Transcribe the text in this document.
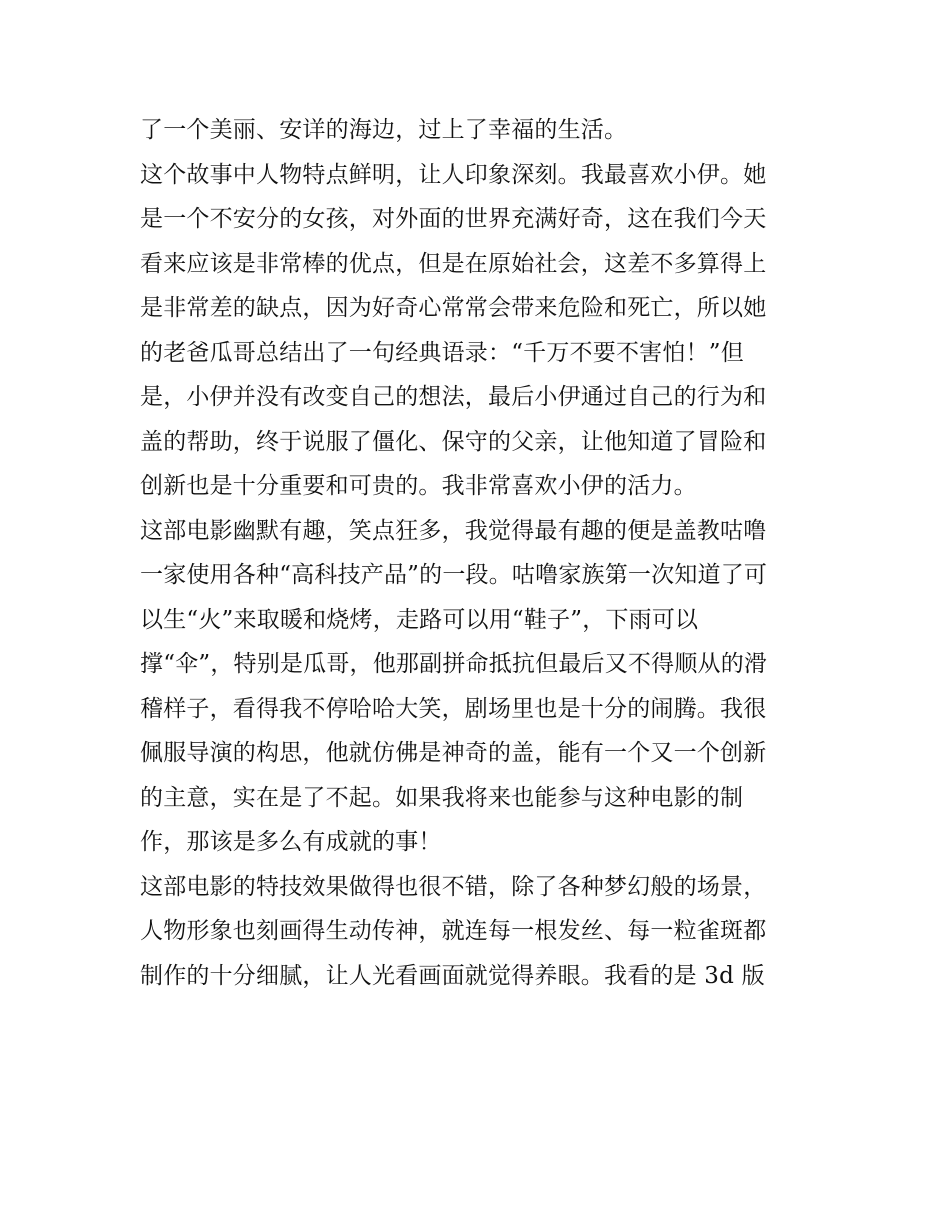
了一个美丽、安详的海边，过上了幸福的生活。
这个故事中人物特点鲜明，让人印象深刻。我最喜欢小伊。她
是一个不安分的女孩，对外面的世界充满好奇，这在我们今天
看来应该是非常棒的优点，但是在原始社会，这差不多算得上
是非常差的缺点，因为好奇心常常会带来危险和死亡，所以她
的老爸瓜哥总结出了一句经典语录：“千万不要不害怕！”但
是，小伊并没有改变自己的想法，最后小伊通过自己的行为和
盖的帮助，终于说服了僵化、保守的父亲，让他知道了冒险和
创新也是十分重要和可贵的。我非常喜欢小伊的活力。
这部电影幽默有趣，笑点狂多，我觉得最有趣的便是盖教咕噜
一家使用各种“高科技产品”的一段。咕噜家族第一次知道了可
以生“火”来取暖和烧烤，走路可以用“鞋子”，下雨可以
撑“伞”，特别是瓜哥，他那副拼命抵抗但最后又不得顺从的滑
稽样子，看得我不停哈哈大笑，剧场里也是十分的闹腾。我很
佩服导演的构思，他就仿佛是神奇的盖，能有一个又一个创新
的主意，实在是了不起。如果我将来也能参与这种电影的制
作，那该是多么有成就的事！
这部电影的特技效果做得也很不错，除了各种梦幻般的场景，
人物形象也刻画得生动传神，就连每一根发丝、每一粒雀斑都
制作的十分细腻，让人光看画面就觉得养眼。我看的是 3d 版
